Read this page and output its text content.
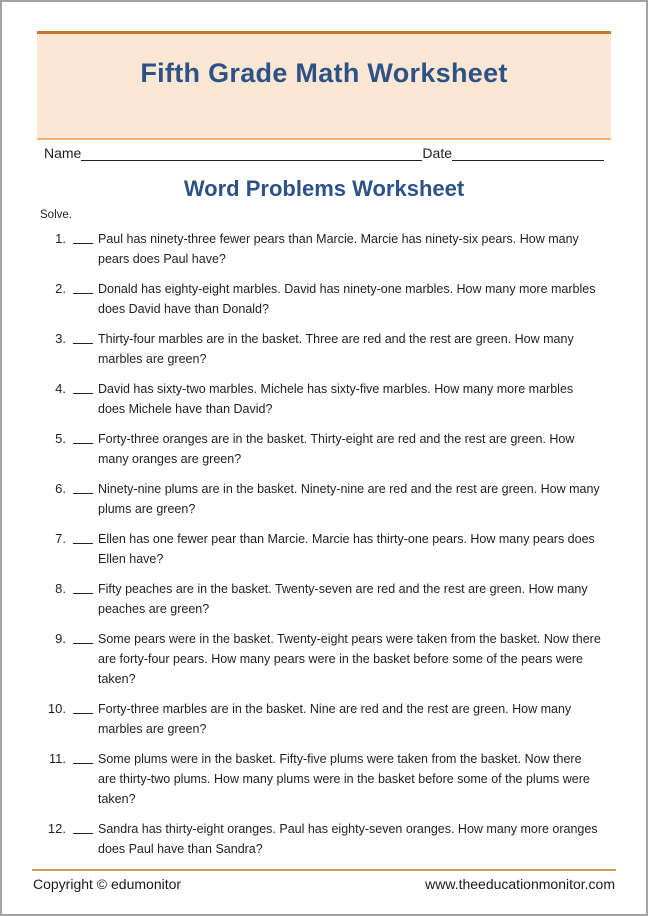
Fifth Grade Math Worksheet
Name	Date
Word Problems Worksheet
Solve.
1.	Paul has ninety-three fewer pears than Marcie. Marcie has ninety-six pears. How many pears does Paul have?
2.	Donald has eighty-eight marbles. David has ninety-one marbles. How many more marbles does David have than Donald?
3.	Thirty-four marbles are in the basket. Three are red and the rest are green. How many marbles are green?
4.	David has sixty-two marbles. Michele has sixty-five marbles. How many more marbles does Michele have than David?
5.	Forty-three oranges are in the basket. Thirty-eight are red and the rest are green. How many oranges are green?
6.	Ninety-nine plums are in the basket. Ninety-nine are red and the rest are green. How many plums are green?
7.	Ellen has one fewer pear than Marcie. Marcie has thirty-one pears. How many pears does Ellen have?
8.	Fifty peaches are in the basket. Twenty-seven are red and the rest are green. How many peaches are green?
9.	Some pears were in the basket. Twenty-eight pears were taken from the basket. Now there are forty-four pears. How many pears were in the basket before some of the pears were taken?
10.	Forty-three marbles are in the basket. Nine are red and the rest are green. How many marbles are green?
11.	Some plums were in the basket. Fifty-five plums were taken from the basket. Now there are thirty-two plums. How many plums were in the basket before some of the plums were taken?
12.	Sandra has thirty-eight oranges. Paul has eighty-seven oranges. How many more oranges does Paul have than Sandra?
Copyright © edumonitor	www.theeducationmonitor.com
